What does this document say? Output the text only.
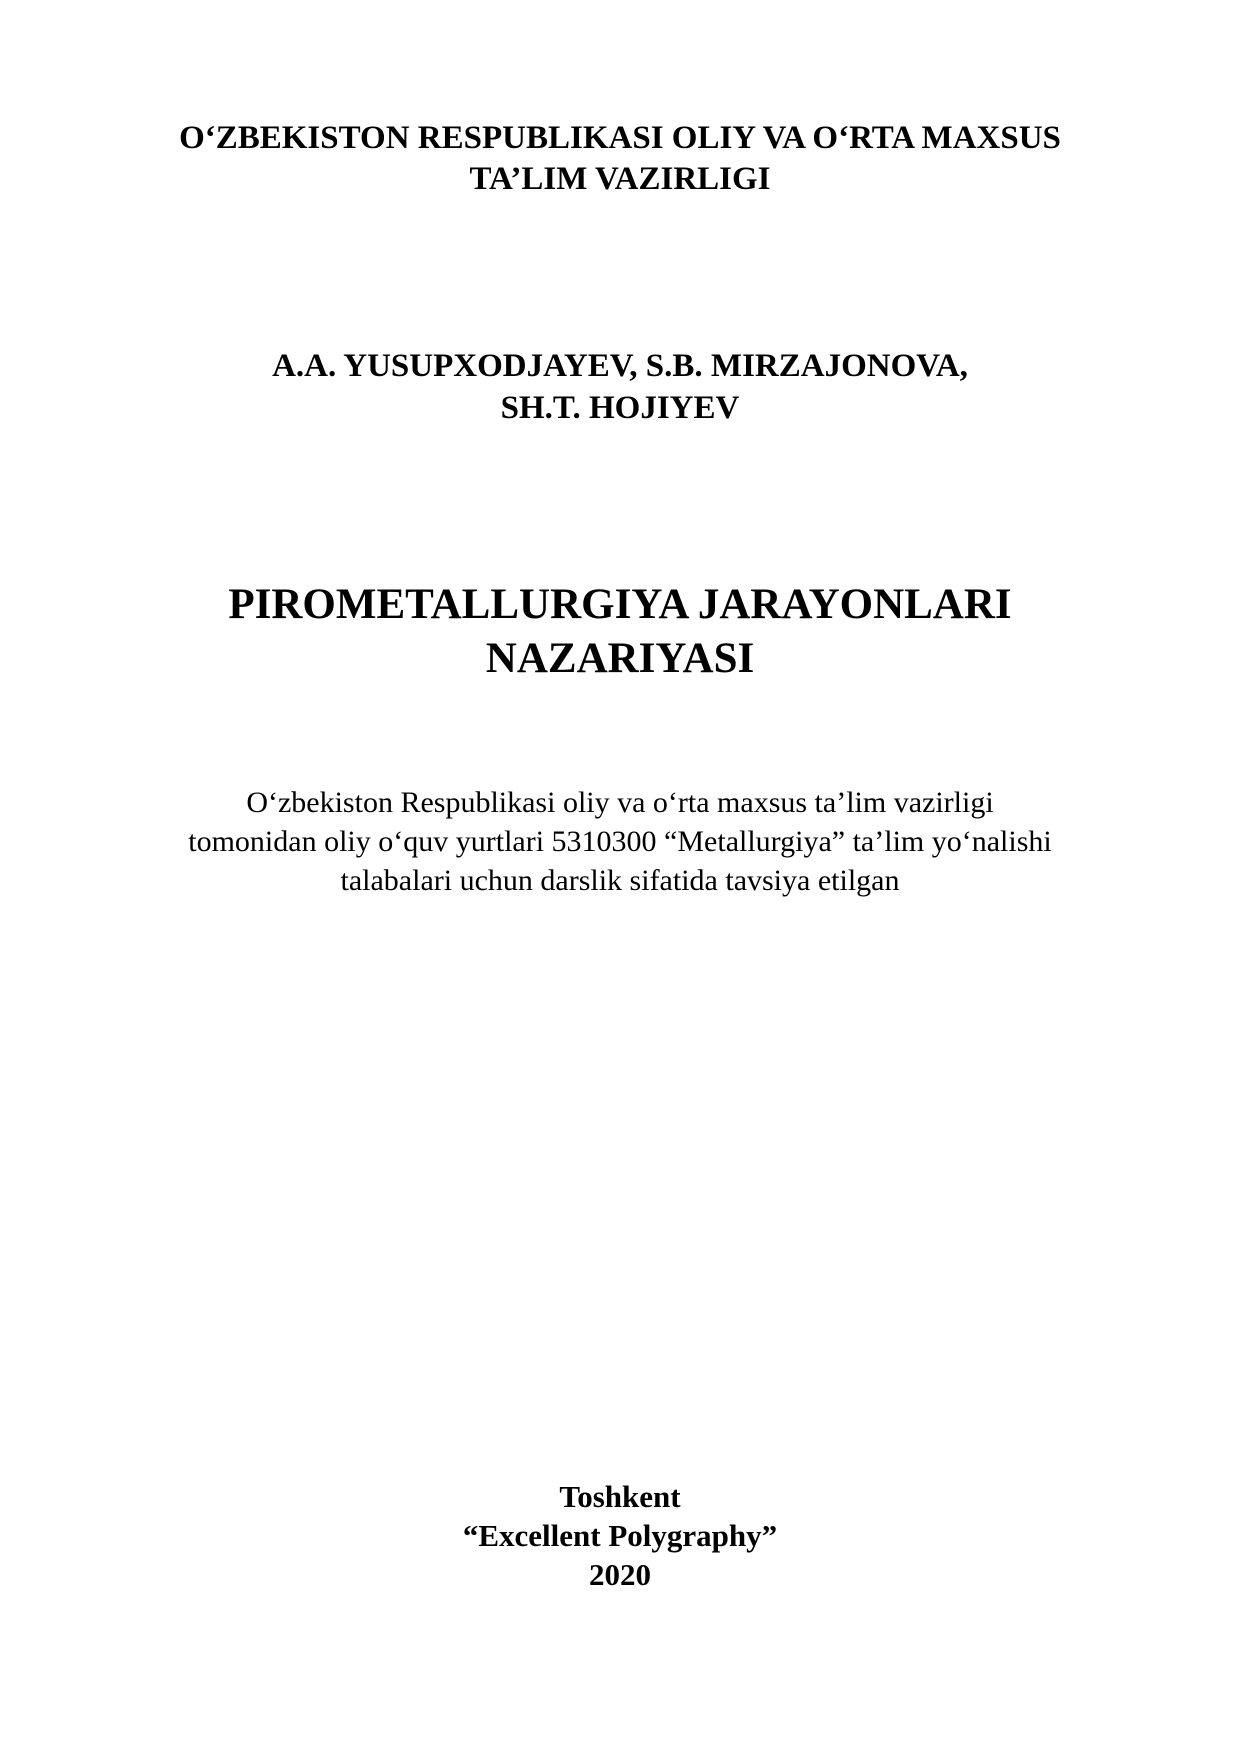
O‘ZBEKISTON RESPUBLIKASI OLIY VA O‘RTA MAXSUS
TA’LIM VAZIRLIGI
A.A. YUSUPXODJAYEV, S.B. MIRZAJONOVA,
SH.T. HOJIYEV
PIROMETALLURGIYA JARAYONLARI
NAZARIYASI
O‘zbekiston Respublikasi oliy va o‘rta maxsus ta’lim vazirligi
tomonidan oliy o‘quv yurtlari 5310300 “Metallurgiya” ta’lim yo‘nalishi
talabalari uchun darslik sifatida tavsiya etilgan
Toshkent
“Excellent Polygraphy”
2020
